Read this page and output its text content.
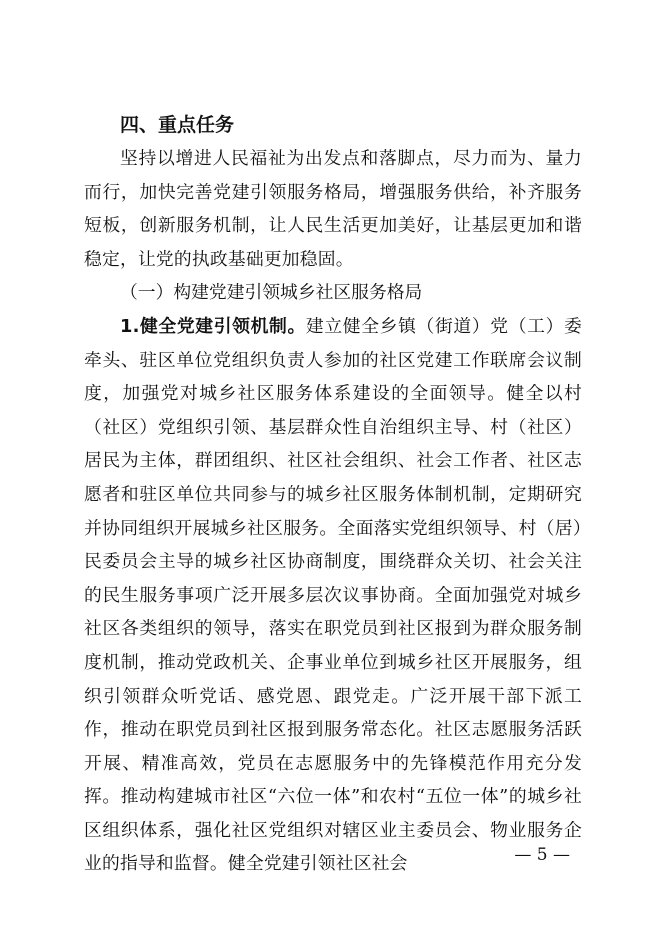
四、重点任务

坚持以增进人民福祉为出发点和落脚点，尽力而为、量力而行，加快完善党建引领服务格局，增强服务供给，补齐服务短板，创新服务机制，让人民生活更加美好，让基层更加和谐稳定，让党的执政基础更加稳固。

（一）构建党建引领城乡社区服务格局

1.健全党建引领机制。建立健全乡镇（街道）党（工）委牵头、驻区单位党组织负责人参加的社区党建工作联席会议制度，加强党对城乡社区服务体系建设的全面领导。健全以村（社区）党组织引领、基层群众性自治组织主导、村（社区）居民为主体，群团组织、社区社会组织、社会工作者、社区志愿者和驻区单位共同参与的城乡社区服务体制机制，定期研究并协同组织开展城乡社区服务。全面落实党组织领导、村（居）民委员会主导的城乡社区协商制度，围绕群众关切、社会关注的民生服务事项广泛开展多层次议事协商。全面加强党对城乡社区各类组织的领导，落实在职党员到社区报到为群众服务制度机制，推动党政机关、企事业单位到城乡社区开展服务，组织引领群众听党话、感党恩、跟党走。广泛开展干部下派工作，推动在职党员到社区报到服务常态化。社区志愿服务活跃开展、精准高效，党员在志愿服务中的先锋模范作用充分发挥。推动构建城市社区“六位一体”和农村“五位一体”的城乡社区组织体系，强化社区党组织对辖区业主委员会、物业服务企业的指导和监督。健全党建引领社区社会	— 5 —
